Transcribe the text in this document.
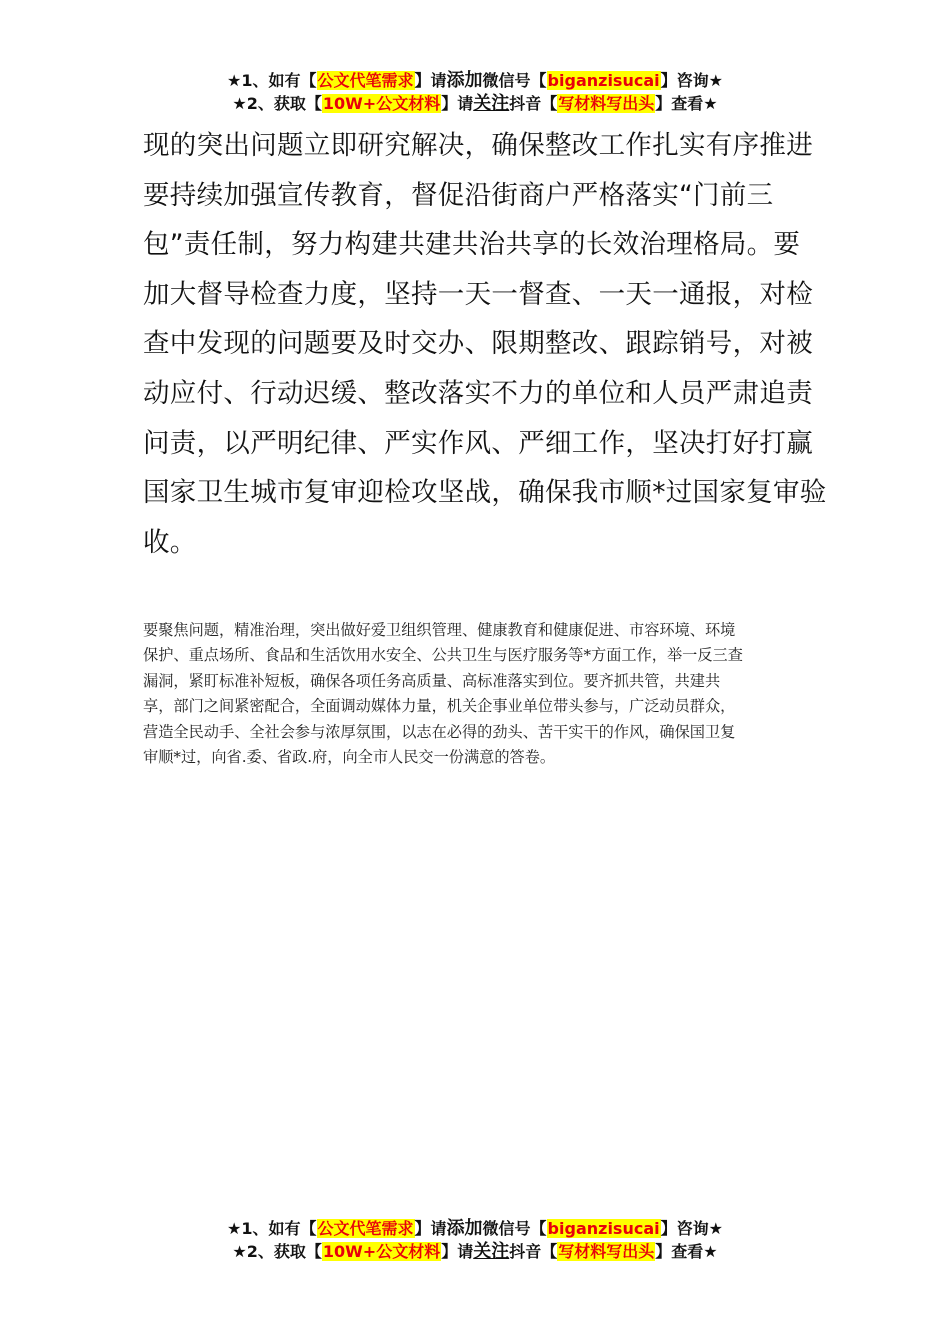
★1、如有【公文代笔需求】请添加微信号【biganzisucai】咨询★
★2、获取【10W+公文材料】请关注抖音【写材料写出头】查看★
现的突出问题立即研究解决，确保整改工作扎实有序推进
要持续加强宣传教育，督促沿街商户严格落实“门前三
包”责任制，努力构建共建共治共享的长效治理格局。要
加大督导检查力度，坚持一天一督查、一天一通报，对检
查中发现的问题要及时交办、限期整改、跟踪销号，对被
动应付、行动迟缓、整改落实不力的单位和人员严肃追责
问责，以严明纪律、严实作风、严细工作，坚决打好打赢
国家卫生城市复审迎检攻坚战，确保我市顺*过国家复审验
收。
要聚焦问题，精准治理，突出做好爱卫组织管理、健康教育和健康促进、市容环境、环境
保护、重点场所、食品和生活饮用水安全、公共卫生与医疗服务等*方面工作，举一反三查
漏洞，紧盯标准补短板，确保各项任务高质量、高标准落实到位。要齐抓共管，共建共
享，部门之间紧密配合，全面调动媒体力量，机关企事业单位带头参与，广泛动员群众，
营造全民动手、全社会参与浓厚氛围，以志在必得的劲头、苦干实干的作风，确保国卫复
审顺*过，向省.委、省政.府，向全市人民交一份满意的答卷。
★1、如有【公文代笔需求】请添加微信号【biganzisucai】咨询★
★2、获取【10W+公文材料】请关注抖音【写材料写出头】查看★
